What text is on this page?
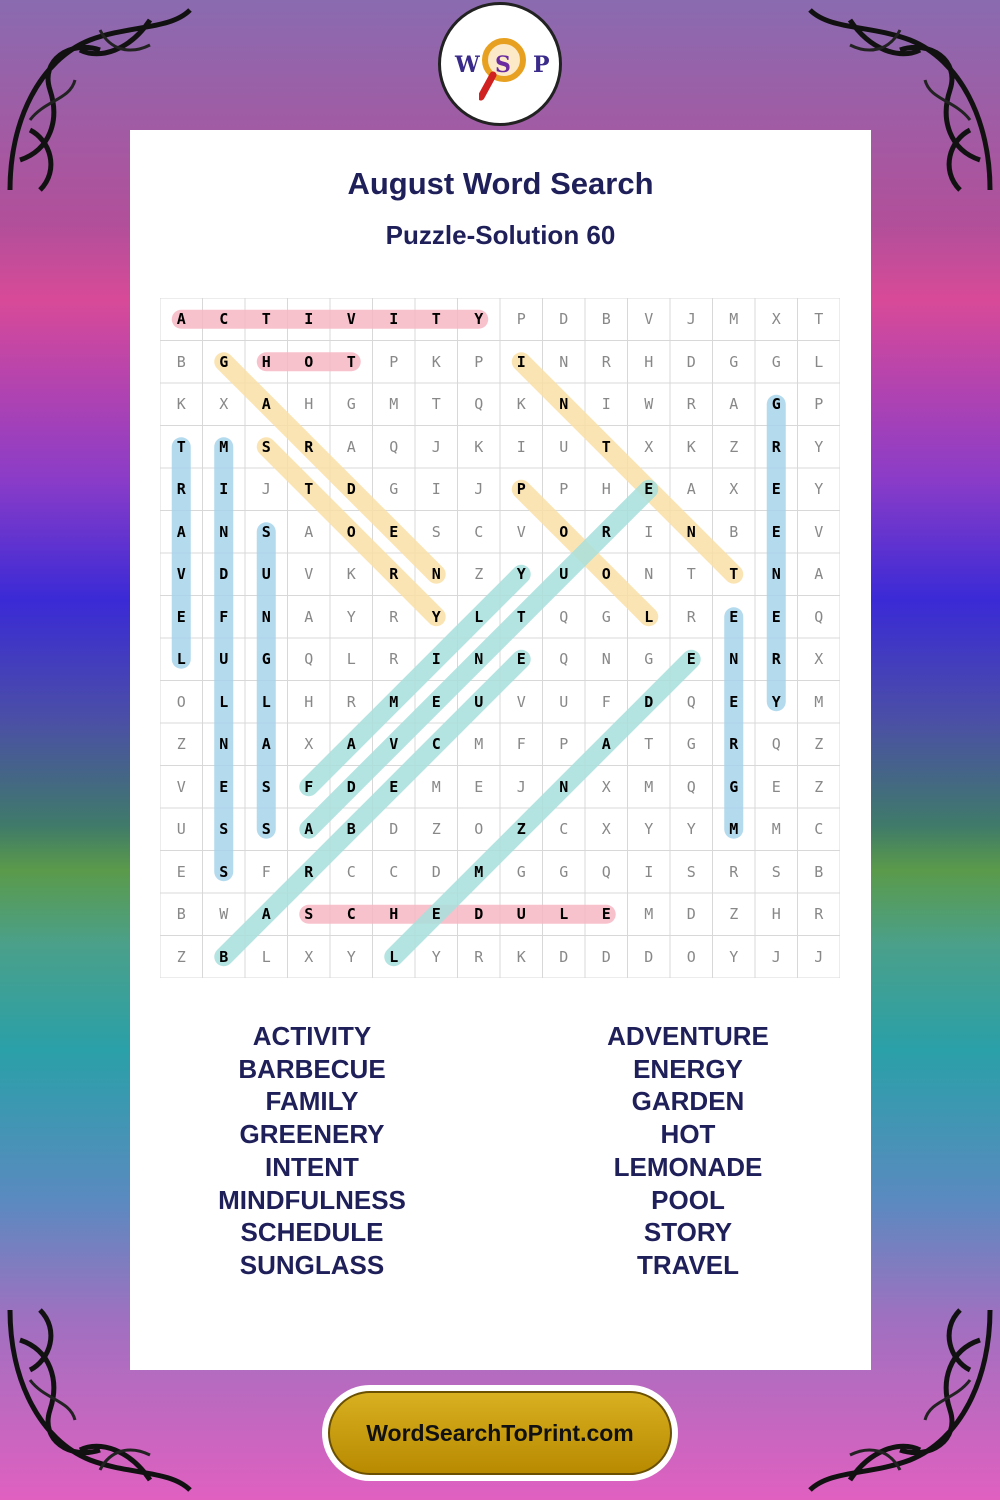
W S P
August Word Search
Puzzle-Solution 60
A	C	T	I	V	I	T	Y	P	D	B	V	J	M	X	T
B	G	H	O	T	P	K	P	I	N	R	H	D	G	G	L
K	X	A	H	G	M	T	Q	K	N	I	W	R	A	G	P
T	M	S	R	A	Q	J	K	I	U	T	X	K	Z	R	Y
R	I	J	T	D	G	I	J	P	P	H	E	A	X	E	Y
A	N	S	A	O	E	S	C	V	O	R	I	N	B	E	V
V	D	U	V	K	R	N	Z	Y	U	O	N	T	T	N	A
E	F	N	A	Y	R	Y	L	T	Q	G	L	R	E	E	Q
L	U	G	Q	L	R	I	N	E	Q	N	G	E	N	R	X
O	L	L	H	R	M	E	U	V	U	F	D	Q	E	Y	M
Z	N	A	X	A	V	C	M	F	P	A	T	G	R	Q	Z
V	E	S	F	D	E	M	E	J	N	X	M	Q	G	E	Z
U	S	S	A	B	D	Z	O	Z	C	X	Y	Y	M	M	C
E	S	F	R	C	C	D	M	G	G	Q	I	S	R	S	B
B	W	A	S	C	H	E	D	U	L	E	M	D	Z	H	R
Z	B	L	X	Y	L	Y	R	K	D	D	D	O	Y	J	J
ACTIVITY
BARBECUE
FAMILY
GREENERY
INTENT
MINDFULNESS
SCHEDULE
SUNGLASS
ADVENTURE
ENERGY
GARDEN
HOT
LEMONADE
POOL
STORY
TRAVEL
WordSearchToPrint.com
